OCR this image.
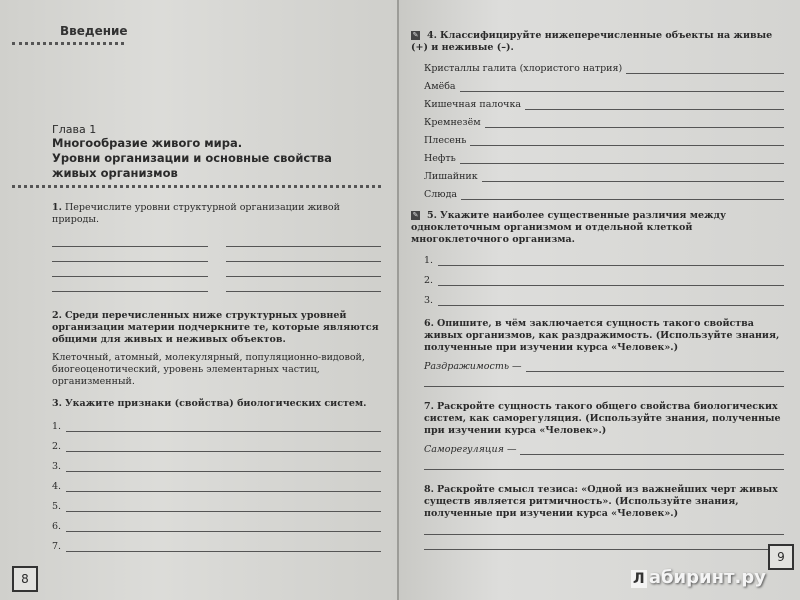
Введение
Глава 1
Многообразие живого мира.
Уровни организации и основные свойства
живых организмов
1. Перечислите уровни структурной организации живой природы.
2. Среди перечисленных ниже структурных уровней организации материи подчеркните те, которые являются общими для живых и неживых объектов.
Клеточный, атомный, молекулярный, популяционно-видовой, биогеоценотический, уровень элементарных частиц, организменный.
3. Укажите признаки (свойства) биологических систем.
1.
2.
3.
4.
5.
6.
7.
8
✎ 4. Классифицируйте нижеперечисленные объекты на живые (+) и неживые (–).
Кристаллы галита (хлористого натрия)
Амёба
Кишечная палочка
Кремнезём
Плесень
Нефть
Лишайник
Слюда
✎ 5. Укажите наиболее существенные различия между одноклеточным организмом и отдельной клеткой многоклеточного организма.
1.
2.
3.
6. Опишите, в чём заключается сущность такого свойства живых организмов, как раздражимость. (Используйте знания, полученные при изучении курса «Человек».)
Раздражимость —
7. Раскройте сущность такого общего свойства биологических систем, как саморегуляция. (Используйте знания, полученные при изучении курса «Человек».)
Саморегуляция —
8. Раскройте смысл тезиса: «Одной из важнейших черт живых существ является ритмичность». (Используйте знания, полученные при изучении курса «Человек».)
9
Л абиринт.ру
